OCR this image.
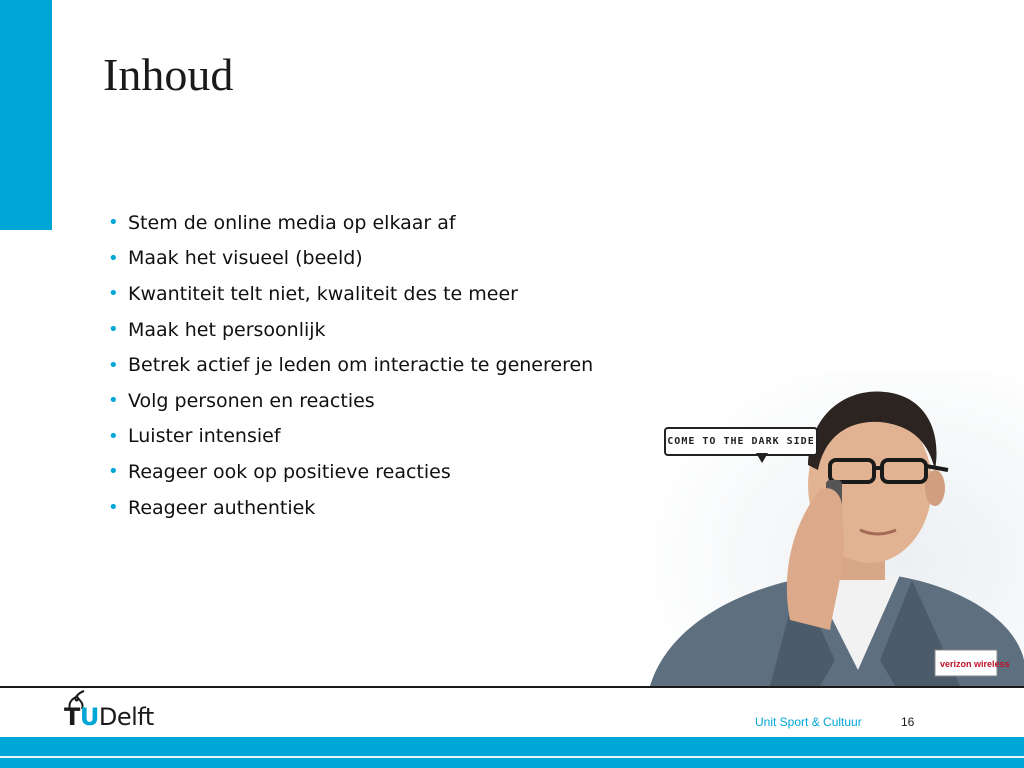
Inhoud
• Stem de online media op elkaar af
• Maak het visueel (beeld)
• Kwantiteit telt niet, kwaliteit des te meer
• Maak het persoonlijk
• Betrek actief je leden om interactie te genereren
• Volg personen en reacties
• Luister intensief
• Reageer ook op positieve reacties
• Reageer authentiek
verizon wireless
COME TO THE DARK SIDE
TUDelft	Unit Sport & Cultuur	16
